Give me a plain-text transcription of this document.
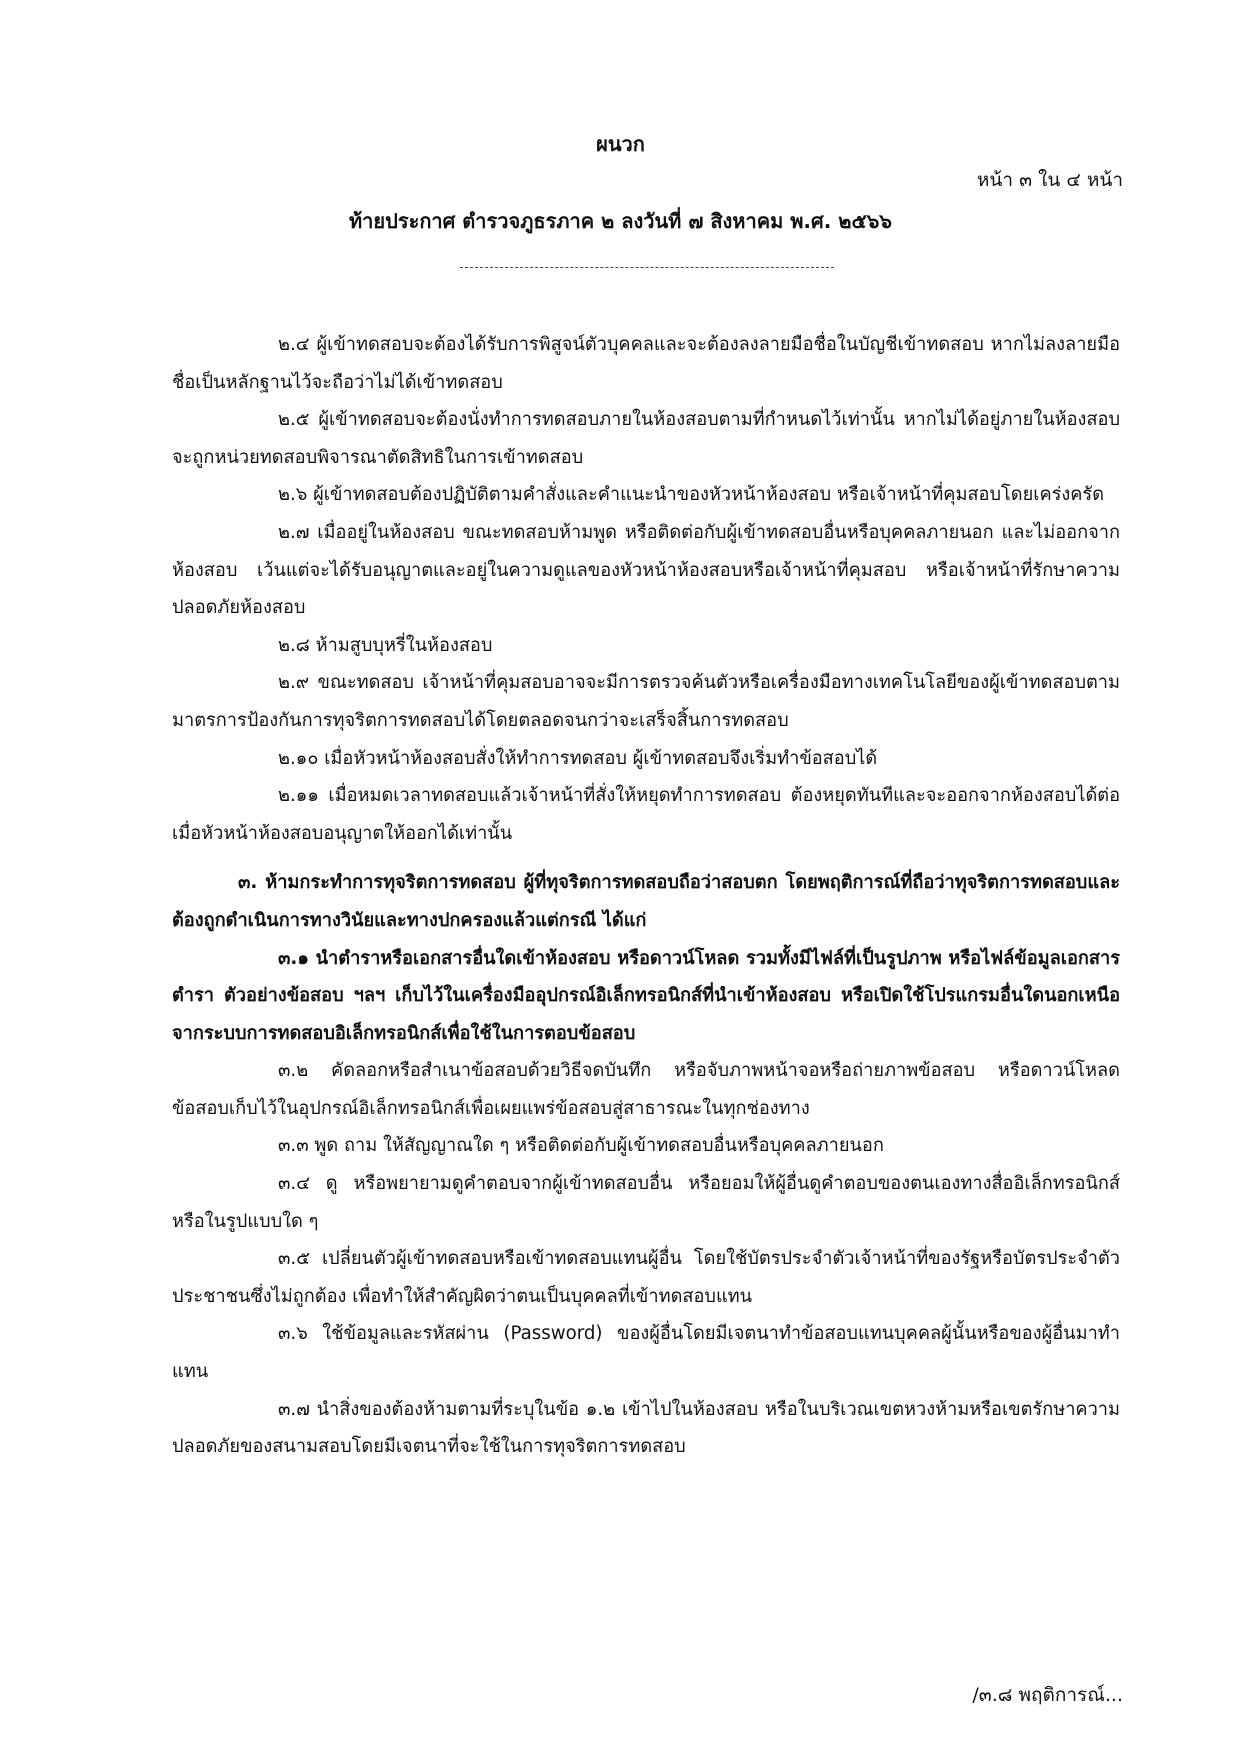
ผนวก
หน้า ๓ ใน ๔ หน้า
ท้ายประกาศ ตำรวจภูธรภาค ๒ ลงวันที่ ๗ สิงหาคม พ.ศ. ๒๕๖๖

๒.๔ ผู้เข้าทดสอบจะต้องได้รับการพิสูจน์ตัวบุคคลและจะต้องลงลายมือชื่อในบัญชีเข้าทดสอบ หากไม่ลงลายมือชื่อเป็นหลักฐานไว้จะถือว่าไม่ได้เข้าทดสอบ

๒.๕ ผู้เข้าทดสอบจะต้องนั่งทำการทดสอบภายในห้องสอบตามที่กำหนดไว้เท่านั้น หากไม่ได้อยู่ภายในห้องสอบจะถูกหน่วยทดสอบพิจารณาตัดสิทธิในการเข้าทดสอบ

๒.๖ ผู้เข้าทดสอบต้องปฏิบัติตามคำสั่งและคำแนะนำของหัวหน้าห้องสอบ หรือเจ้าหน้าที่คุมสอบโดยเคร่งครัด

๒.๗ เมื่ออยู่ในห้องสอบ ขณะทดสอบห้ามพูด หรือติดต่อกับผู้เข้าทดสอบอื่นหรือบุคคลภายนอก และไม่ออกจากห้องสอบ เว้นแต่จะได้รับอนุญาตและอยู่ในความดูแลของหัวหน้าห้องสอบหรือเจ้าหน้าที่คุมสอบ หรือเจ้าหน้าที่รักษาความปลอดภัยห้องสอบ

๒.๘ ห้ามสูบบุหรี่ในห้องสอบ

๒.๙ ขณะทดสอบ เจ้าหน้าที่คุมสอบอาจจะมีการตรวจค้นตัวหรือเครื่องมือทางเทคโนโลยีของผู้เข้าทดสอบตามมาตรการป้องกันการทุจริตการทดสอบได้โดยตลอดจนกว่าจะเสร็จสิ้นการทดสอบ

๒.๑๐ เมื่อหัวหน้าห้องสอบสั่งให้ทำการทดสอบ ผู้เข้าทดสอบจึงเริ่มทำข้อสอบได้

๒.๑๑ เมื่อหมดเวลาทดสอบแล้วเจ้าหน้าที่สั่งให้หยุดทำการทดสอบ ต้องหยุดทันทีและจะออกจากห้องสอบได้ต่อเมื่อหัวหน้าห้องสอบอนุญาตให้ออกได้เท่านั้น

๓. ห้ามกระทำการทุจริตการทดสอบ ผู้ที่ทุจริตการทดสอบถือว่าสอบตก โดยพฤติการณ์ที่ถือว่าทุจริตการทดสอบและต้องถูกดำเนินการทางวินัยและทางปกครองแล้วแต่กรณี ได้แก่

๓.๑ นำตำราหรือเอกสารอื่นใดเข้าห้องสอบ หรือดาวน์โหลด รวมทั้งมีไฟล์ที่เป็นรูปภาพ หรือไฟล์ข้อมูลเอกสาร ตำรา ตัวอย่างข้อสอบ ฯลฯ เก็บไว้ในเครื่องมืออุปกรณ์อิเล็กทรอนิกส์ที่นำเข้าห้องสอบ หรือเปิดใช้โปรแกรมอื่นใดนอกเหนือจากระบบการทดสอบอิเล็กทรอนิกส์เพื่อใช้ในการตอบข้อสอบ

๓.๒ คัดลอกหรือสำเนาข้อสอบด้วยวิธีจดบันทึก หรือจับภาพหน้าจอหรือถ่ายภาพข้อสอบ หรือดาวน์โหลดข้อสอบเก็บไว้ในอุปกรณ์อิเล็กทรอนิกส์เพื่อเผยแพร่ข้อสอบสู่สาธารณะในทุกช่องทาง

๓.๓ พูด ถาม ให้สัญญาณใด ๆ หรือติดต่อกับผู้เข้าทดสอบอื่นหรือบุคคลภายนอก

๓.๔ ดู หรือพยายามดูคำตอบจากผู้เข้าทดสอบอื่น หรือยอมให้ผู้อื่นดูคำตอบของตนเองทางสื่ออิเล็กทรอนิกส์หรือในรูปแบบใด ๆ

๓.๕ เปลี่ยนตัวผู้เข้าทดสอบหรือเข้าทดสอบแทนผู้อื่น โดยใช้บัตรประจำตัวเจ้าหน้าที่ของรัฐหรือบัตรประจำตัวประชาชนซึ่งไม่ถูกต้อง เพื่อทำให้สำคัญผิดว่าตนเป็นบุคคลที่เข้าทดสอบแทน

๓.๖ ใช้ข้อมูลและรหัสผ่าน (Password) ของผู้อื่นโดยมีเจตนาทำข้อสอบแทนบุคคลผู้นั้นหรือของผู้อื่นมาทำแทน

๓.๗ นำสิ่งของต้องห้ามตามที่ระบุในข้อ ๑.๒ เข้าไปในห้องสอบ หรือในบริเวณเขตหวงห้ามหรือเขตรักษาความปลอดภัยของสนามสอบโดยมีเจตนาที่จะใช้ในการทุจริตการทดสอบ

/๓.๘ พฤติการณ์...
